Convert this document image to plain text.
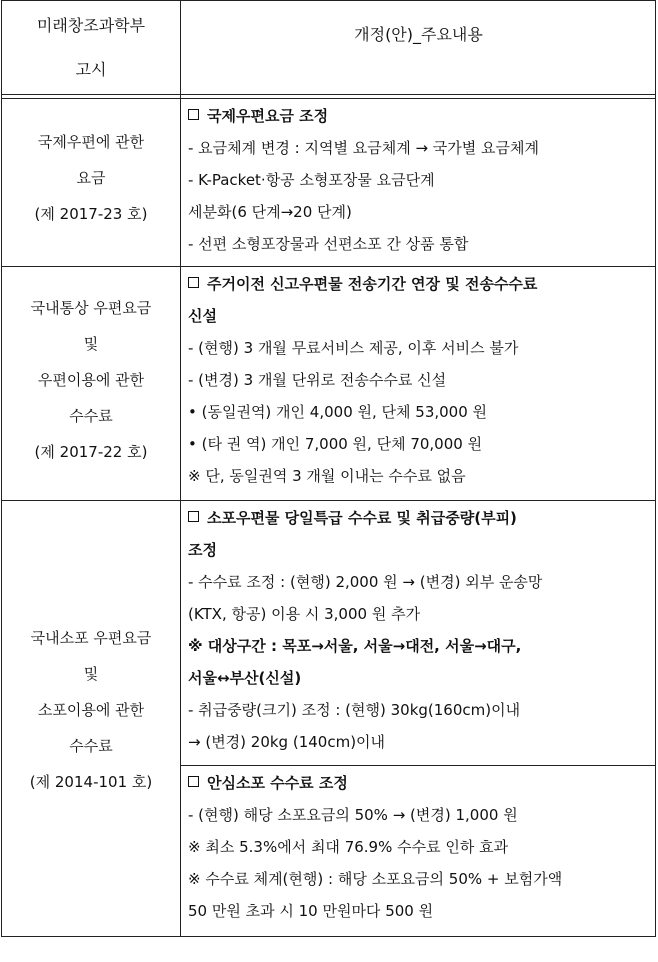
미래창조과학부
고시
개정(안)_주요내용
국제우편에 관한
요금
(제 2017-23 호)
국제우편요금 조정
- 요금체계 변경 : 지역별 요금체계 → 국가별 요금체계
- K-Packet·항공 소형포장물 요금단계
세분화(6 단계→20 단계)
- 선편 소형포장물과 선편소포 간 상품 통합
국내통상 우편요금
및
우편이용에 관한
수수료
(제 2017-22 호)
주거이전 신고우편물 전송기간 연장 및 전송수수료
신설
- (현행) 3 개월 무료서비스 제공, 이후 서비스 불가
- (변경) 3 개월 단위로 전송수수료 신설
• (동일권역) 개인 4,000 원, 단체 53,000 원
• (타 권 역) 개인 7,000 원, 단체 70,000 원
※ 단, 동일권역 3 개월 이내는 수수료 없음
국내소포 우편요금
및
소포이용에 관한
수수료
(제 2014-101 호)
소포우편물 당일특급 수수료 및 취급중량(부피)
조정
- 수수료 조정 : (현행) 2,000 원 → (변경) 외부 운송망
(KTX, 항공) 이용 시 3,000 원 추가
※ 대상구간 : 목포→서울, 서울→대전, 서울→대구,
서울↔부산(신설)
- 취급중량(크기) 조정 : (현행) 30kg(160cm)이내
→ (변경) 20kg (140cm)이내
안심소포 수수료 조정
- (현행) 해당 소포요금의 50% → (변경) 1,000 원
※ 최소 5.3%에서 최대 76.9% 수수료 인하 효과
※ 수수료 체계(현행) : 해당 소포요금의 50% + 보험가액
50 만원 초과 시 10 만원마다 500 원
